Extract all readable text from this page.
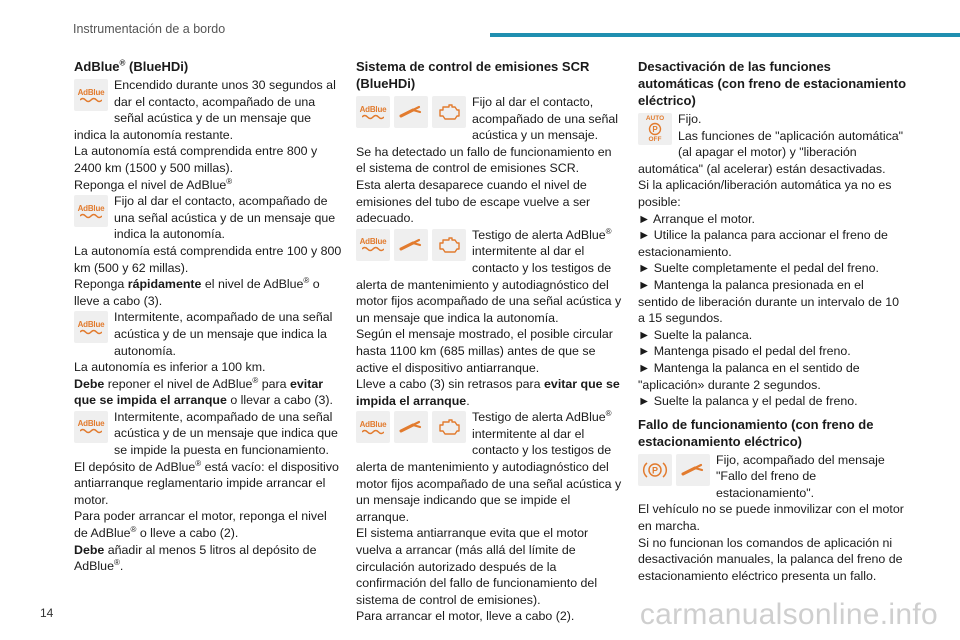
Instrumentación de a bordo
AdBlue® (BlueHDi)
AdBlue Encendido durante unos 30 segundos al dar el contacto, acompañado de una señal acústica y de un mensaje que indica la autonomía restante.

La autonomía está comprendida entre 800 y 2400 km (1500 y 500 millas).

Reponga el nivel de AdBlue®

AdBlue Fijo al dar el contacto, acompañado de una señal acústica y de un mensaje que indica la autonomía.

La autonomía está comprendida entre 100 y 800 km (500 y 62 millas).

Reponga rápidamente el nivel de AdBlue® o lleve a cabo (3).

AdBlue Intermitente, acompañado de una señal acústica y de un mensaje que indica la autonomía.

La autonomía es inferior a 100 km.

Debe reponer el nivel de AdBlue® para evitar que se impida el arranque o llevar a cabo (3).

AdBlue Intermitente, acompañado de una señal acústica y de un mensaje que indica que se impide la puesta en funcionamiento.

El depósito de AdBlue® está vacío: el dispositivo antiarranque reglamentario impide arrancar el motor.

Para poder arrancar el motor, reponga el nivel de AdBlue® o lleve a cabo (2).

Debe añadir al menos 5 litros al depósito de AdBlue®.

Sistema de control de emisiones SCR (BlueHDi)
AdBlue	Fijo al dar el contacto, acompañado de una señal acústica y un mensaje.

Se ha detectado un fallo de funcionamiento en el sistema de control de emisiones SCR.

Esta alerta desaparece cuando el nivel de emisiones del tubo de escape vuelve a ser adecuado.

AdBlue	Testigo de alerta AdBlue® intermitente al dar el contacto y los testigos de alerta de mantenimiento y autodiagnóstico del motor fijos acompañado de una señal acústica y un mensaje que indica la autonomía.

Según el mensaje mostrado, el posible circular hasta 1100 km (685 millas) antes de que se active el dispositivo antiarranque.

Lleve a cabo (3) sin retrasos para evitar que se impida el arranque.

AdBlue	Testigo de alerta AdBlue® intermitente al dar el contacto y los testigos de alerta de mantenimiento y autodiagnóstico del motor fijos acompañado de una señal acústica y un mensaje indicando que se impide el arranque.

El sistema antiarranque evita que el motor vuelva a arrancar (más allá del límite de circulación autorizado después de la confirmación del fallo de funcionamiento del sistema de control de emisiones).

Para arrancar el motor, lleve a cabo (2).

Desactivación de las funciones automáticas (con freno de estacionamiento eléctrico)
AUTO
P
OFF

Fijo.

Las funciones de "aplicación automática" (al apagar el motor) y "liberación automática" (al acelerar) están desactivadas.

Si la aplicación/liberación automática ya no es posible:

► Arranque el motor.

► Utilice la palanca para accionar el freno de estacionamiento.

► Suelte completamente el pedal del freno.

► Mantenga la palanca presionada en el sentido de liberación durante un intervalo de 10 a 15 segundos.

► Suelte la palanca.

► Mantenga pisado el pedal del freno.

► Mantenga la palanca en el sentido de "aplicación» durante 2 segundos.

► Suelte la palanca y el pedal de freno.

Fallo de funcionamiento (con freno de estacionamiento eléctrico)
P

Fijo, acompañado del mensaje "Fallo del freno de estacionamiento".

El vehículo no se puede inmovilizar con el motor en marcha.

Si no funcionan los comandos de aplicación ni desactivación manuales, la palanca del freno de estacionamiento eléctrico presenta un fallo.

14	carmanualsonline.info
